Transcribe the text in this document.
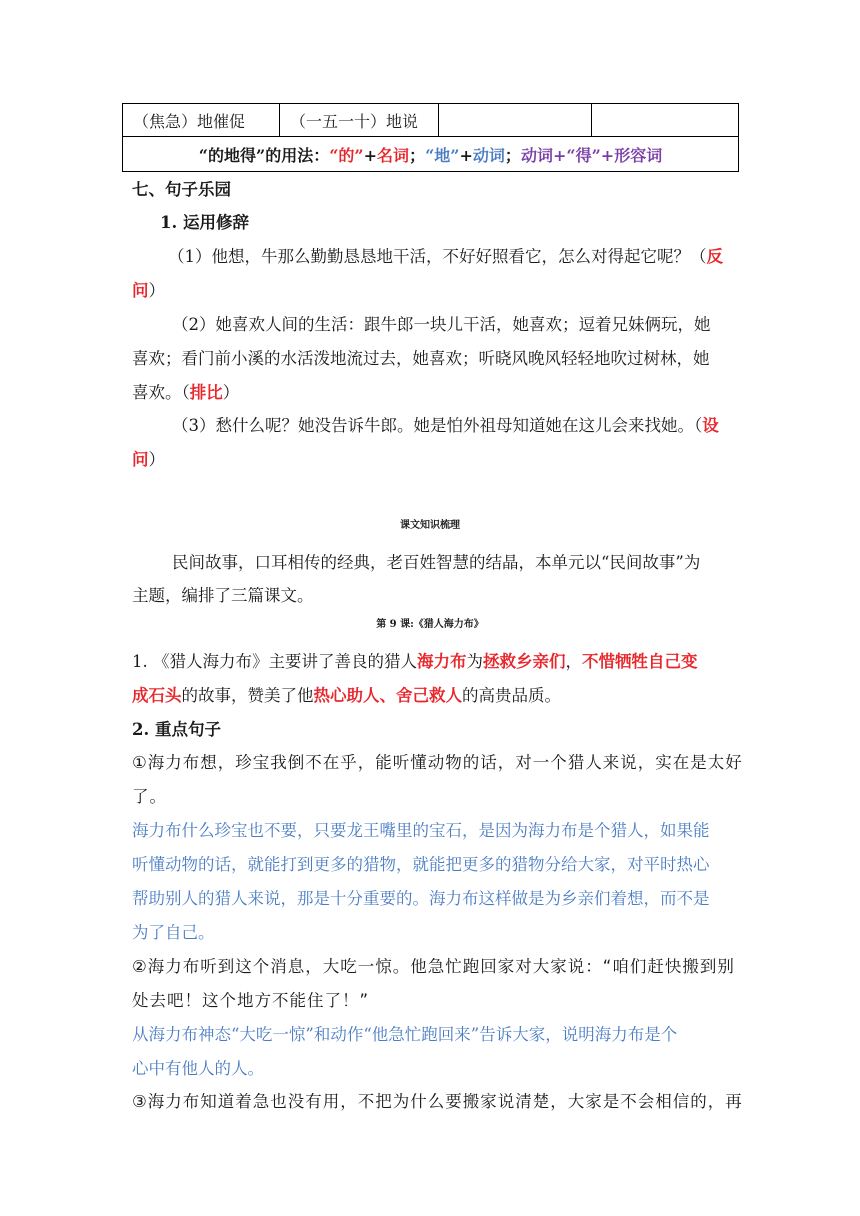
（焦急）地催促	（一五一十）地说		
“的地得”的用法：“的”+名词；“地”+动词；动词+“得”+形容词
七、句子乐园
1. 运用修辞
（1）他想，牛那么勤勤恳恳地干活，不好好照看它，怎么对得起它呢？（反
问）
（2）她喜欢人间的生活：跟牛郎一块儿干活，她喜欢；逗着兄妹俩玩，她
喜欢；看门前小溪的水活泼地流过去，她喜欢；听晓风晚风轻轻地吹过树林，她
喜欢。（排比）
（3）愁什么呢？她没告诉牛郎。她是怕外祖母知道她在这儿会来找她。（设
问）
课文知识梳理
民间故事，口耳相传的经典，老百姓智慧的结晶，本单元以“民间故事”为
主题，编排了三篇课文。
第 9 课:《猎人海力布》
1. 《猎人海力布》主要讲了善良的猎人海力布为拯救乡亲们，不惜牺牲自己变
成石头的故事，赞美了他热心助人、舍己救人的高贵品质。
2. 重点句子
①海力布想，珍宝我倒不在乎，能听懂动物的话，对一个猎人来说，实在是太好
了。
海力布什么珍宝也不要，只要龙王嘴里的宝石，是因为海力布是个猎人，如果能
听懂动物的话，就能打到更多的猎物，就能把更多的猎物分给大家，对平时热心
帮助别人的猎人来说，那是十分重要的。海力布这样做是为乡亲们着想，而不是
为了自己。
②海力布听到这个消息，大吃一惊。他急忙跑回家对大家说：“咱们赶快搬到别
处去吧！这个地方不能住了！”
从海力布神态“大吃一惊”和动作“他急忙跑回来”告诉大家，说明海力布是个
心中有他人的人。
③海力布知道着急也没有用，不把为什么要搬家说清楚，大家是不会相信的，再
